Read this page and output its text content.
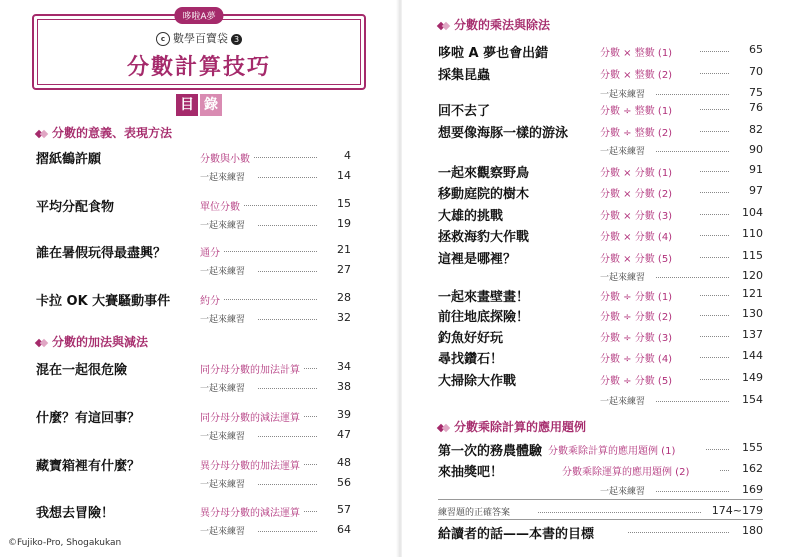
哆啦A夢
c 數學百寶袋 3
分數計算技巧
目 錄
分數的意義、表現方法
摺紙鶴許願	分數與小數	4
一起來練習	14
平均分配食物	單位分數	15
一起來練習	19
誰在暑假玩得最盡興？	通分	21
一起來練習	27
卡拉 OK 大賽騷動事件	約分	28
一起來練習	32
分數的加法與減法
混在一起很危險	同分母分數的加法計算	34
一起來練習	38
什麼？有這回事？	同分母分數的減法運算	39
一起來練習	47
藏寶箱裡有什麼？	異分母分數的加法運算	48
一起來練習	56
我想去冒險！	異分母分數的減法運算	57
一起來練習	64
©Fujiko-Pro, Shogakukan
分數的乘法與除法
哆啦 A 夢也會出錯	分數 × 整數 (1)	65
採集昆蟲	分數 × 整數 (2)	70
一起來練習	75
回不去了	分數 ÷ 整數 (1)	76
想要像海豚一樣的游泳	分數 ÷ 整數 (2)	82
一起來練習	90
一起來觀察野鳥	分數 × 分數 (1)	91
移動庭院的樹木	分數 × 分數 (2)	97
大雄的挑戰	分數 × 分數 (3)	104
拯救海豹大作戰	分數 × 分數 (4)	110
這裡是哪裡？	分數 × 分數 (5)	115
一起來練習	120
一起來畫壁畫！	分數 ÷ 分數 (1)	121
前往地底探險！	分數 ÷ 分數 (2)	130
釣魚好好玩	分數 ÷ 分數 (3)	137
尋找鑽石！	分數 ÷ 分數 (4)	144
大掃除大作戰	分數 ÷ 分數 (5)	149
一起來練習	154
分數乘除計算的應用題例
第一次的務農體驗 分數乘除計算的應用題例 (1)	155
來抽獎吧！	分數乘除運算的應用題例 (2)	162
一起來練習	169
練習題的正確答案	174~179
給讀者的話——本書的目標	180
